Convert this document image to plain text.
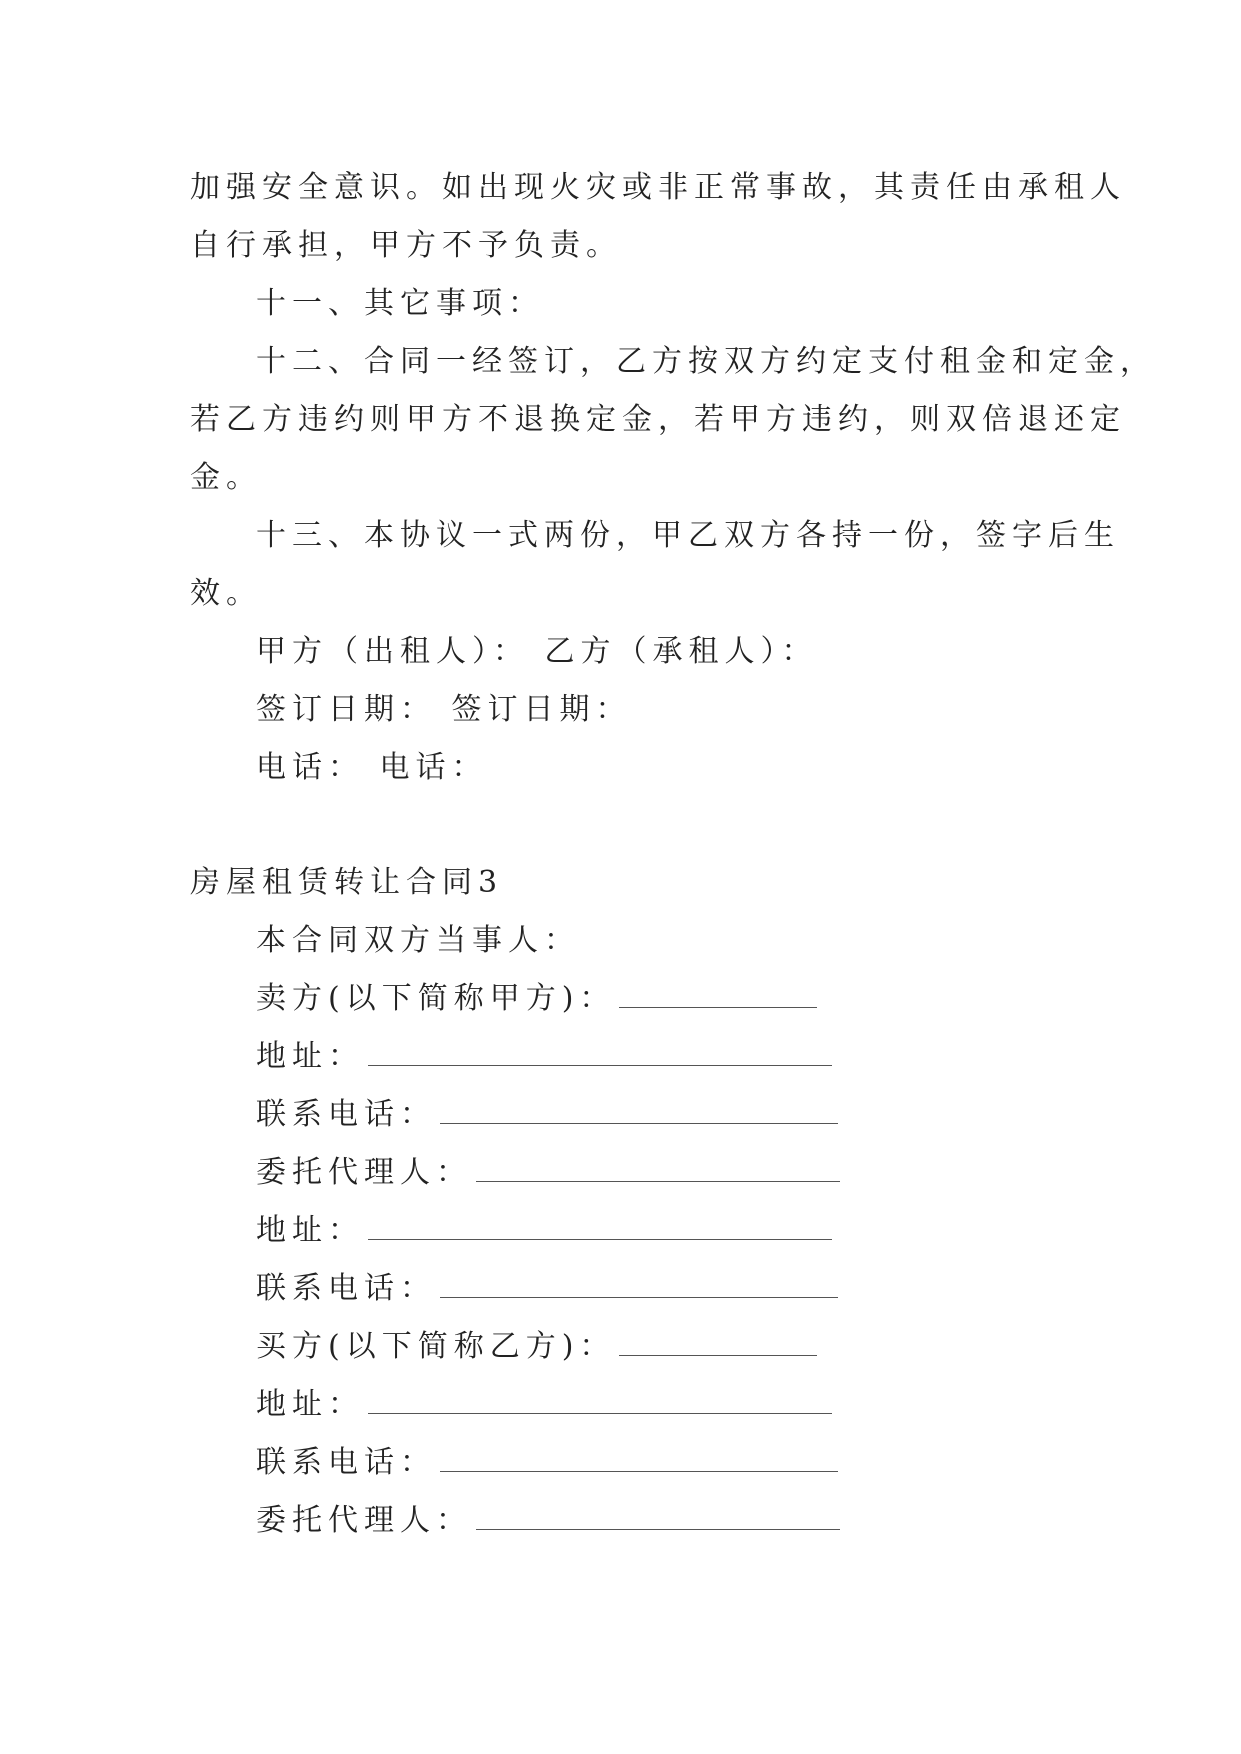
加强安全意识。如出现火灾或非正常事故，其责任由承租人

自行承担，甲方不予负责。

十一、其它事项：

十二、合同一经签订，乙方按双方约定支付租金和定金，

若乙方违约则甲方不退换定金，若甲方违约，则双倍退还定

金。

十三、本协议一式两份，甲乙双方各持一份，签字后生

效。

甲方（出租人）： 乙方（承租人）：

签订日期： 签订日期：

电话： 电话：

房屋租赁转让合同3

本合同双方当事人：

卖方(以下简称甲方)：
地址：
联系电话：
委托代理人：
地址：
联系电话：
买方(以下简称乙方)：
地址：
联系电话：
委托代理人：
